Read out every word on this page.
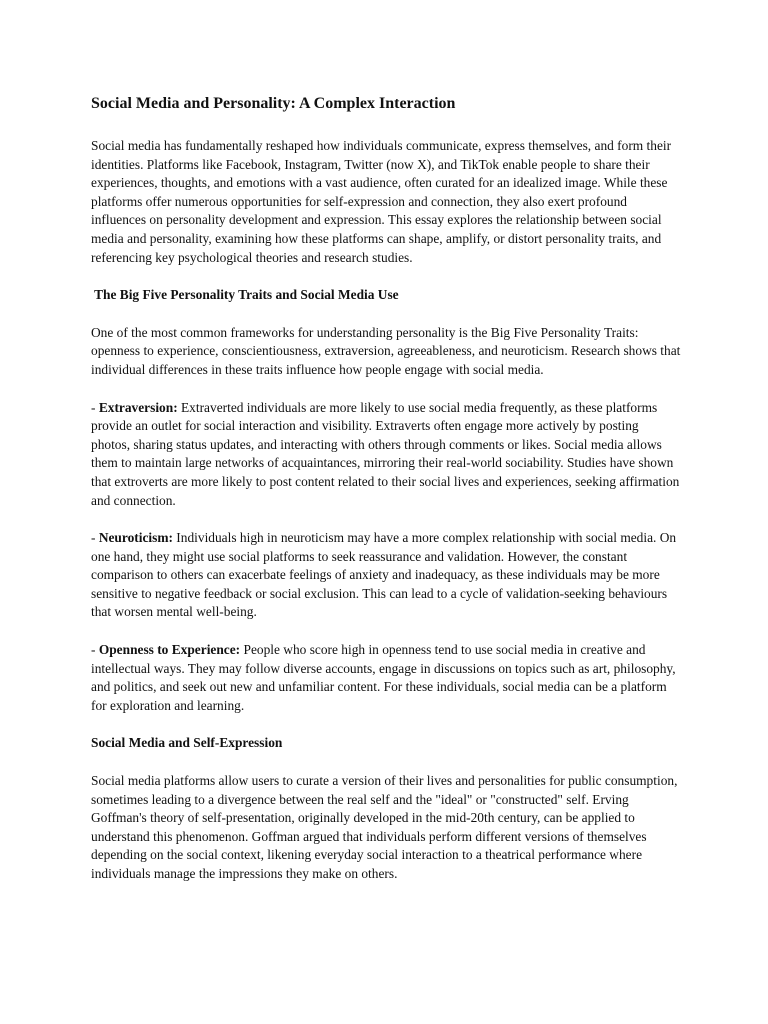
Social Media and Personality: A Complex Interaction

Social media has fundamentally reshaped how individuals communicate, express themselves, and form their identities. Platforms like Facebook, Instagram, Twitter (now X), and TikTok enable people to share their experiences, thoughts, and emotions with a vast audience, often curated for an idealized image. While these platforms offer numerous opportunities for self-expression and connection, they also exert profound influences on personality development and expression. This essay explores the relationship between social media and personality, examining how these platforms can shape, amplify, or distort personality traits, and referencing key psychological theories and research studies.

The Big Five Personality Traits and Social Media Use

One of the most common frameworks for understanding personality is the Big Five Personality Traits: openness to experience, conscientiousness, extraversion, agreeableness, and neuroticism. Research shows that individual differences in these traits influence how people engage with social media.

- Extraversion: Extraverted individuals are more likely to use social media frequently, as these platforms provide an outlet for social interaction and visibility. Extraverts often engage more actively by posting photos, sharing status updates, and interacting with others through comments or likes. Social media allows them to maintain large networks of acquaintances, mirroring their real-world sociability. Studies have shown that extroverts are more likely to post content related to their social lives and experiences, seeking affirmation and connection.

- Neuroticism: Individuals high in neuroticism may have a more complex relationship with social media. On one hand, they might use social platforms to seek reassurance and validation. However, the constant comparison to others can exacerbate feelings of anxiety and inadequacy, as these individuals may be more sensitive to negative feedback or social exclusion. This can lead to a cycle of validation-seeking behaviours that worsen mental well-being.

- Openness to Experience: People who score high in openness tend to use social media in creative and intellectual ways. They may follow diverse accounts, engage in discussions on topics such as art, philosophy, and politics, and seek out new and unfamiliar content. For these individuals, social media can be a platform for exploration and learning.

Social Media and Self-Expression

Social media platforms allow users to curate a version of their lives and personalities for public consumption, sometimes leading to a divergence between the real self and the "ideal" or "constructed" self. Erving Goffman's theory of self-presentation, originally developed in the mid-20th century, can be applied to understand this phenomenon. Goffman argued that individuals perform different versions of themselves depending on the social context, likening everyday social interaction to a theatrical performance where individuals manage the impressions they make on others.
